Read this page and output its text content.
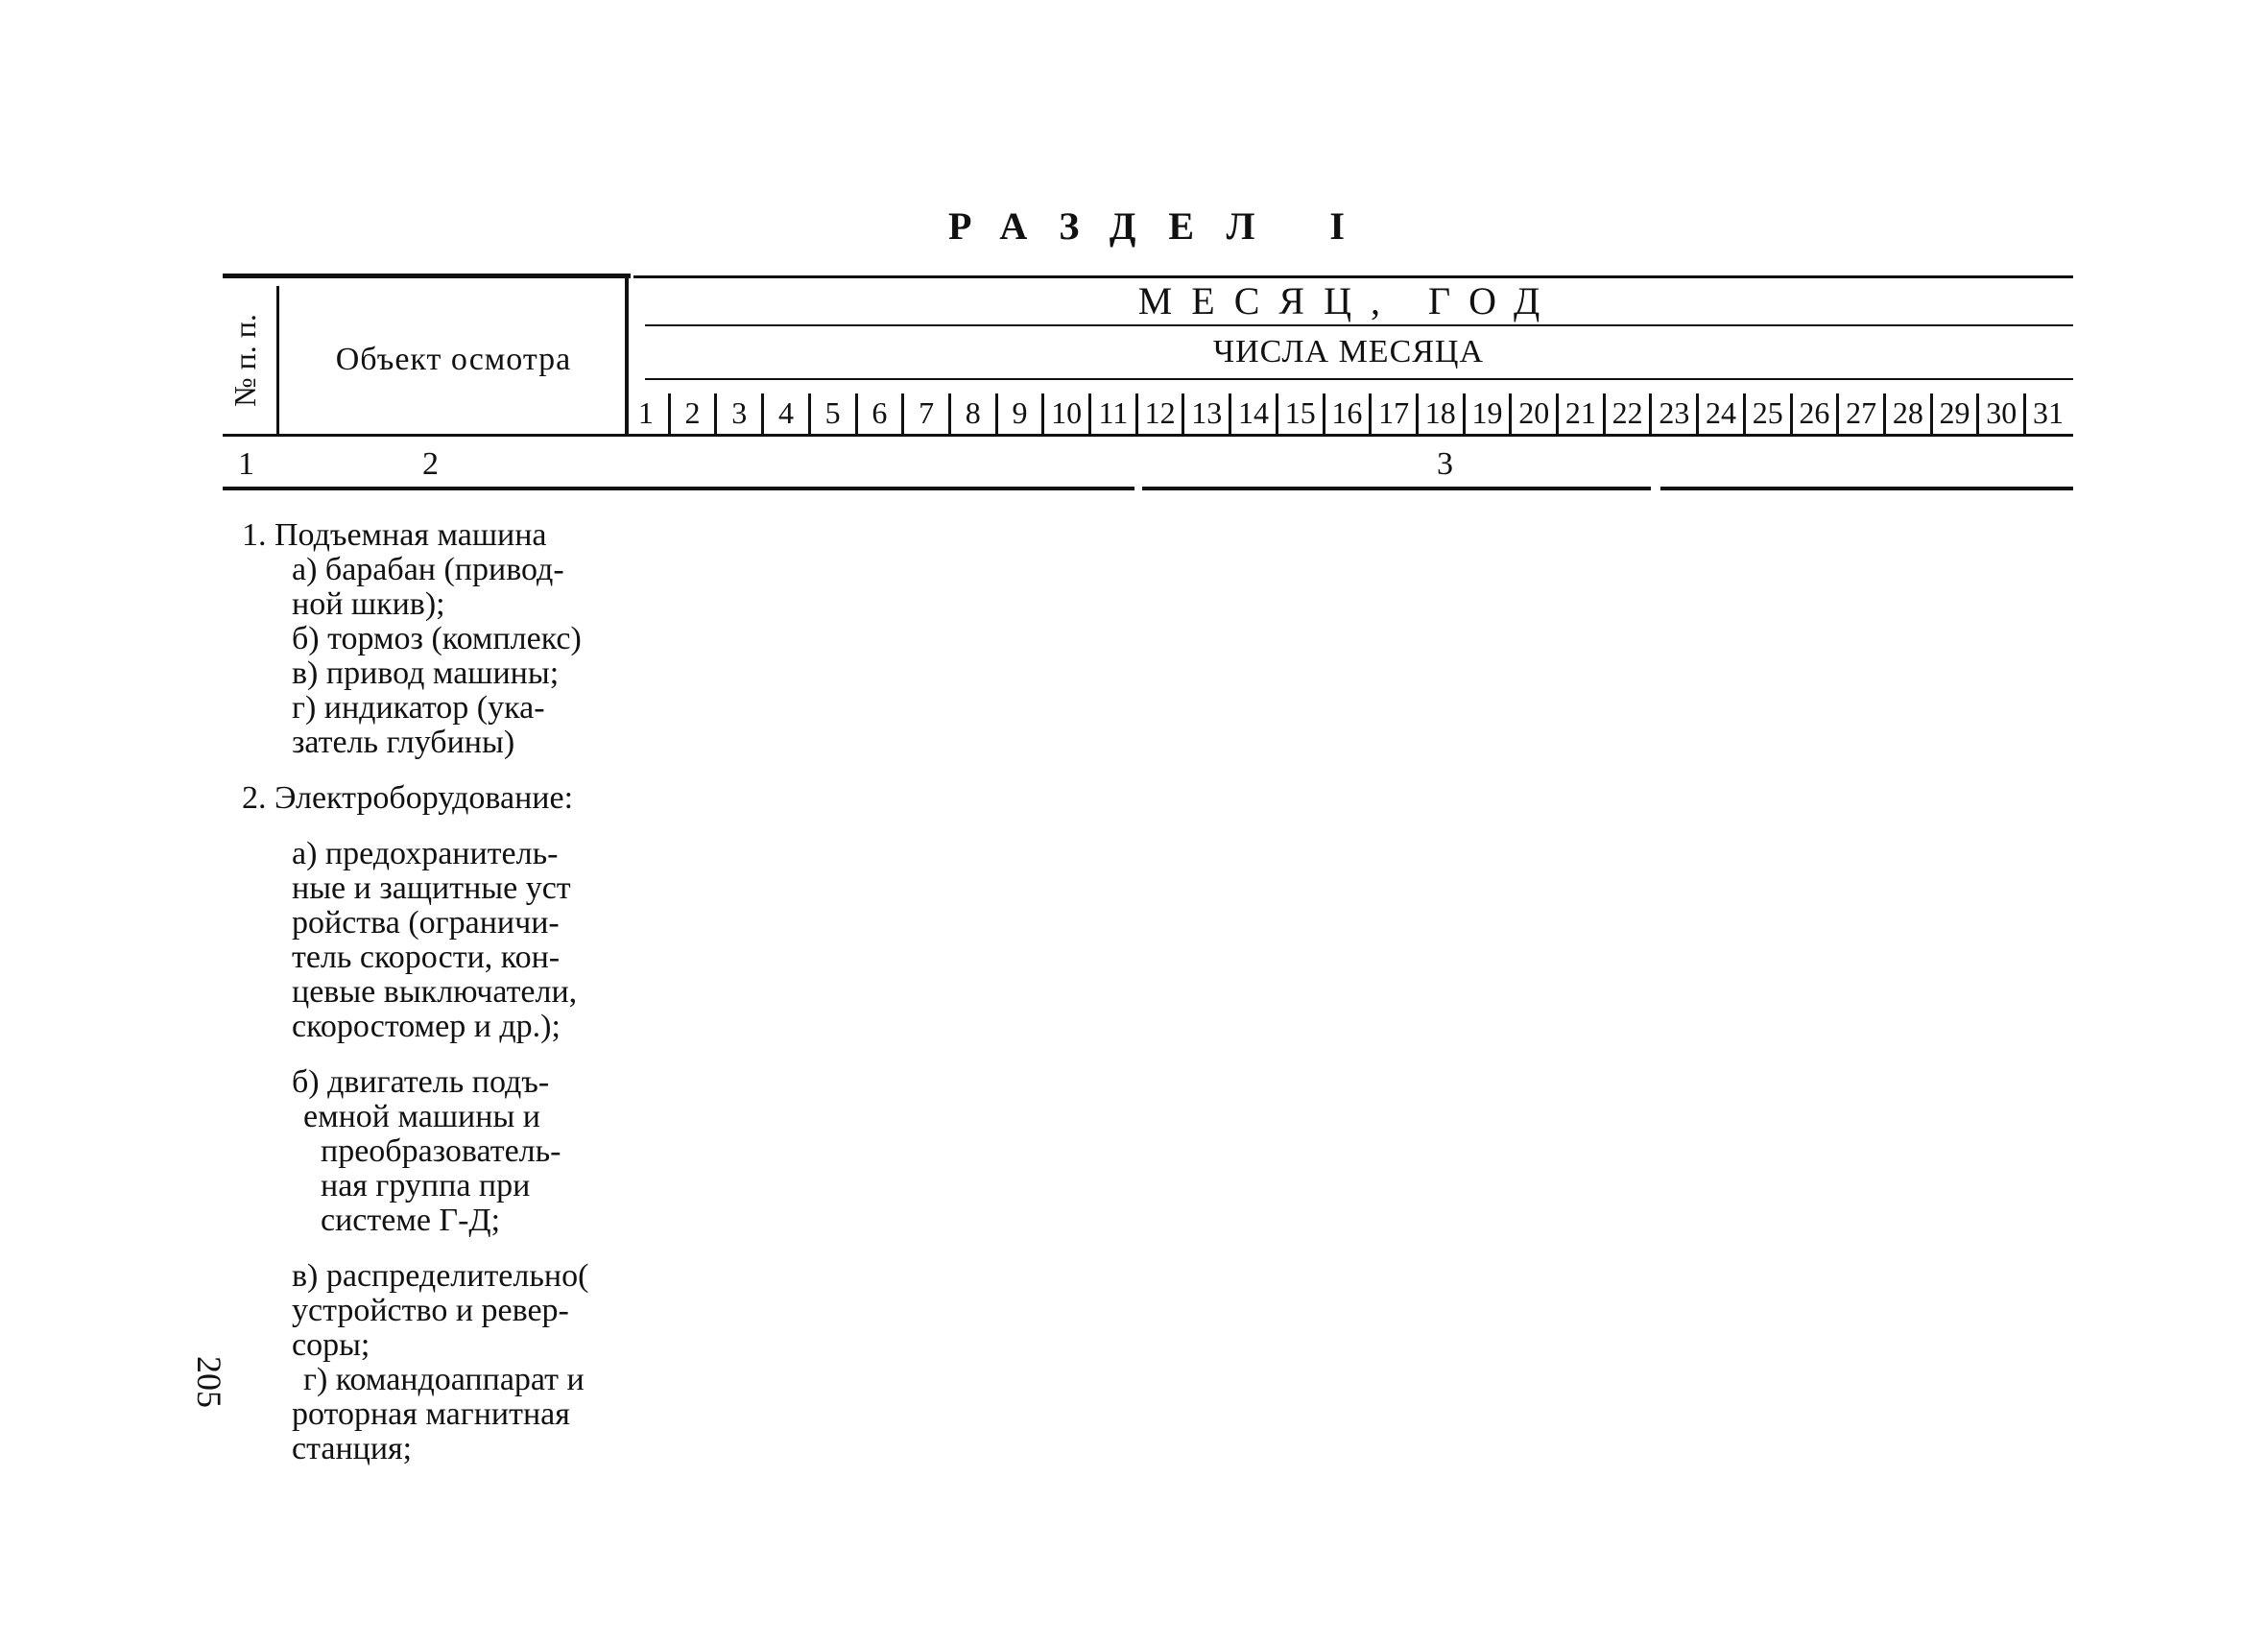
РАЗДЕЛ I
№ п. п.	Объект осмотра
МЕСЯЦ, ГОД
ЧИСЛА МЕСЯЦА
1	2	3	4	5	6	7	8	9 10 11 12 13 14 15 16 17 18 19 20 21 22 23 24 25 26 27 28 29 30 31
1	2	3
1. Подъемная машина
а) барабан (привод-
ной шкив);
б) тормоз (комплекс)
в) привод машины;
г) индикатор (ука-
затель глубины)
2. Электроборудование:
а) предохранитель-
ные и защитные уст
ройства (ограничи-
тель скорости, кон-
цевые выключатели,
скоростомер и др.);
б) двигатель подъ-
емной машины и
преобразователь-
ная группа при
системе Г-Д;
в) распределительно(
устройство и ревер-
соры;
г) командоаппарат и
роторная магнитная
станция;
205
